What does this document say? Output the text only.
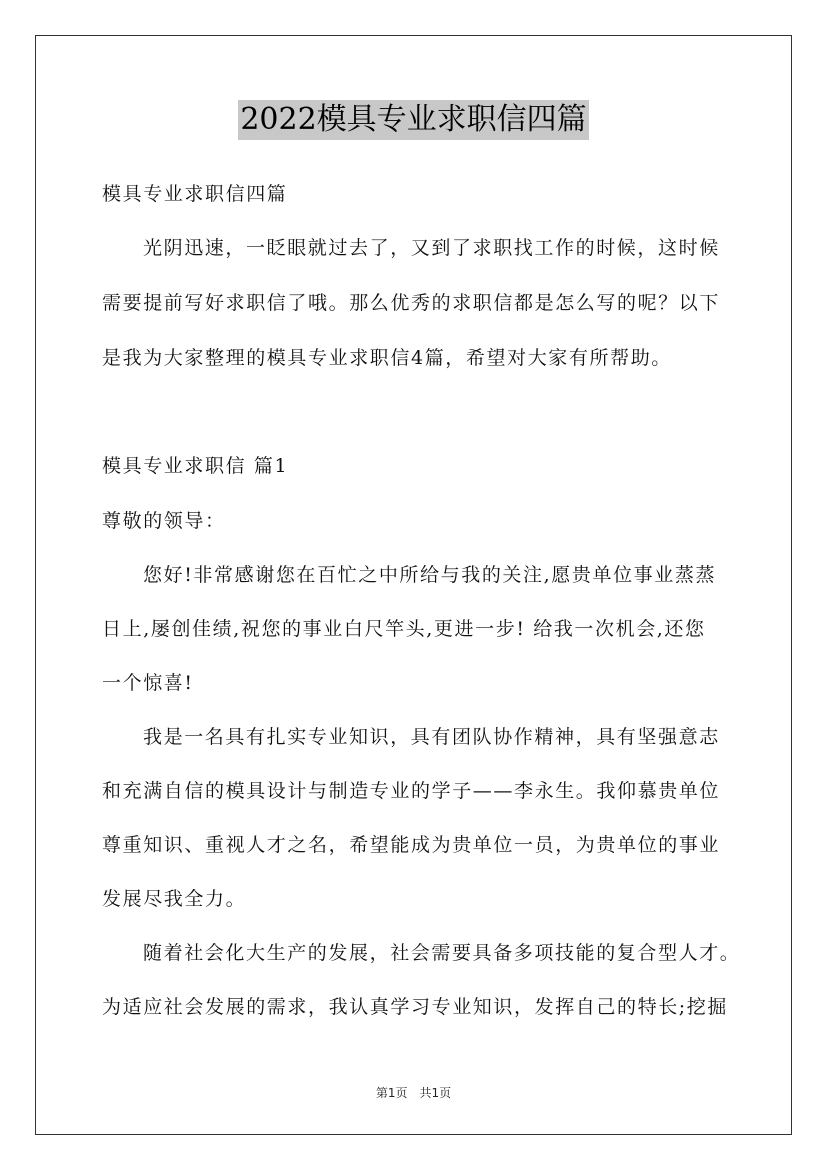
2022模具专业求职信四篇
模具专业求职信四篇
光阴迅速，一眨眼就过去了，又到了求职找工作的时候，这时候
需要提前写好求职信了哦。那么优秀的求职信都是怎么写的呢？以下
是我为大家整理的模具专业求职信4篇，希望对大家有所帮助。
模具专业求职信 篇1
尊敬的领导：
您好!非常感谢您在百忙之中所给与我的关注,愿贵单位事业蒸蒸
日上,屡创佳绩,祝您的事业白尺竿头,更进一步! 给我一次机会,还您
一个惊喜!
我是一名具有扎实专业知识，具有团队协作精神，具有坚强意志
和充满自信的模具设计与制造专业的学子——李永生。我仰慕贵单位
尊重知识、重视人才之名，希望能成为贵单位一员，为贵单位的事业
发展尽我全力。
随着社会化大生产的发展，社会需要具备多项技能的复合型人才。
为适应社会发展的需求，我认真学习专业知识，发挥自己的特长;挖掘
第1页　共1页
